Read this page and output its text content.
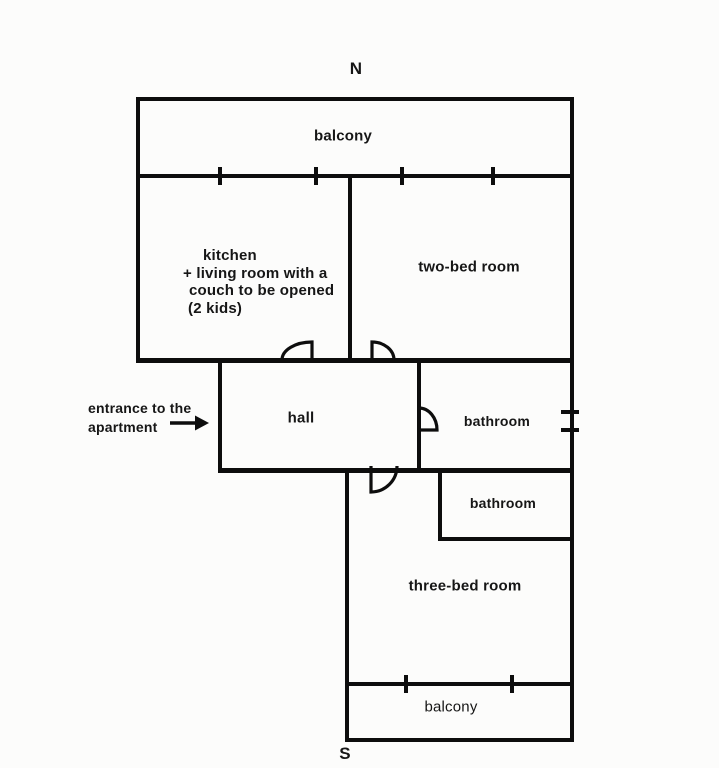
N
S
balcony
kitchen
+ living room with a
couch to be opened
(2 kids)
two-bed room
entrance to the
apartment
hall	bathroom
bathroom
three-bed room
balcony
